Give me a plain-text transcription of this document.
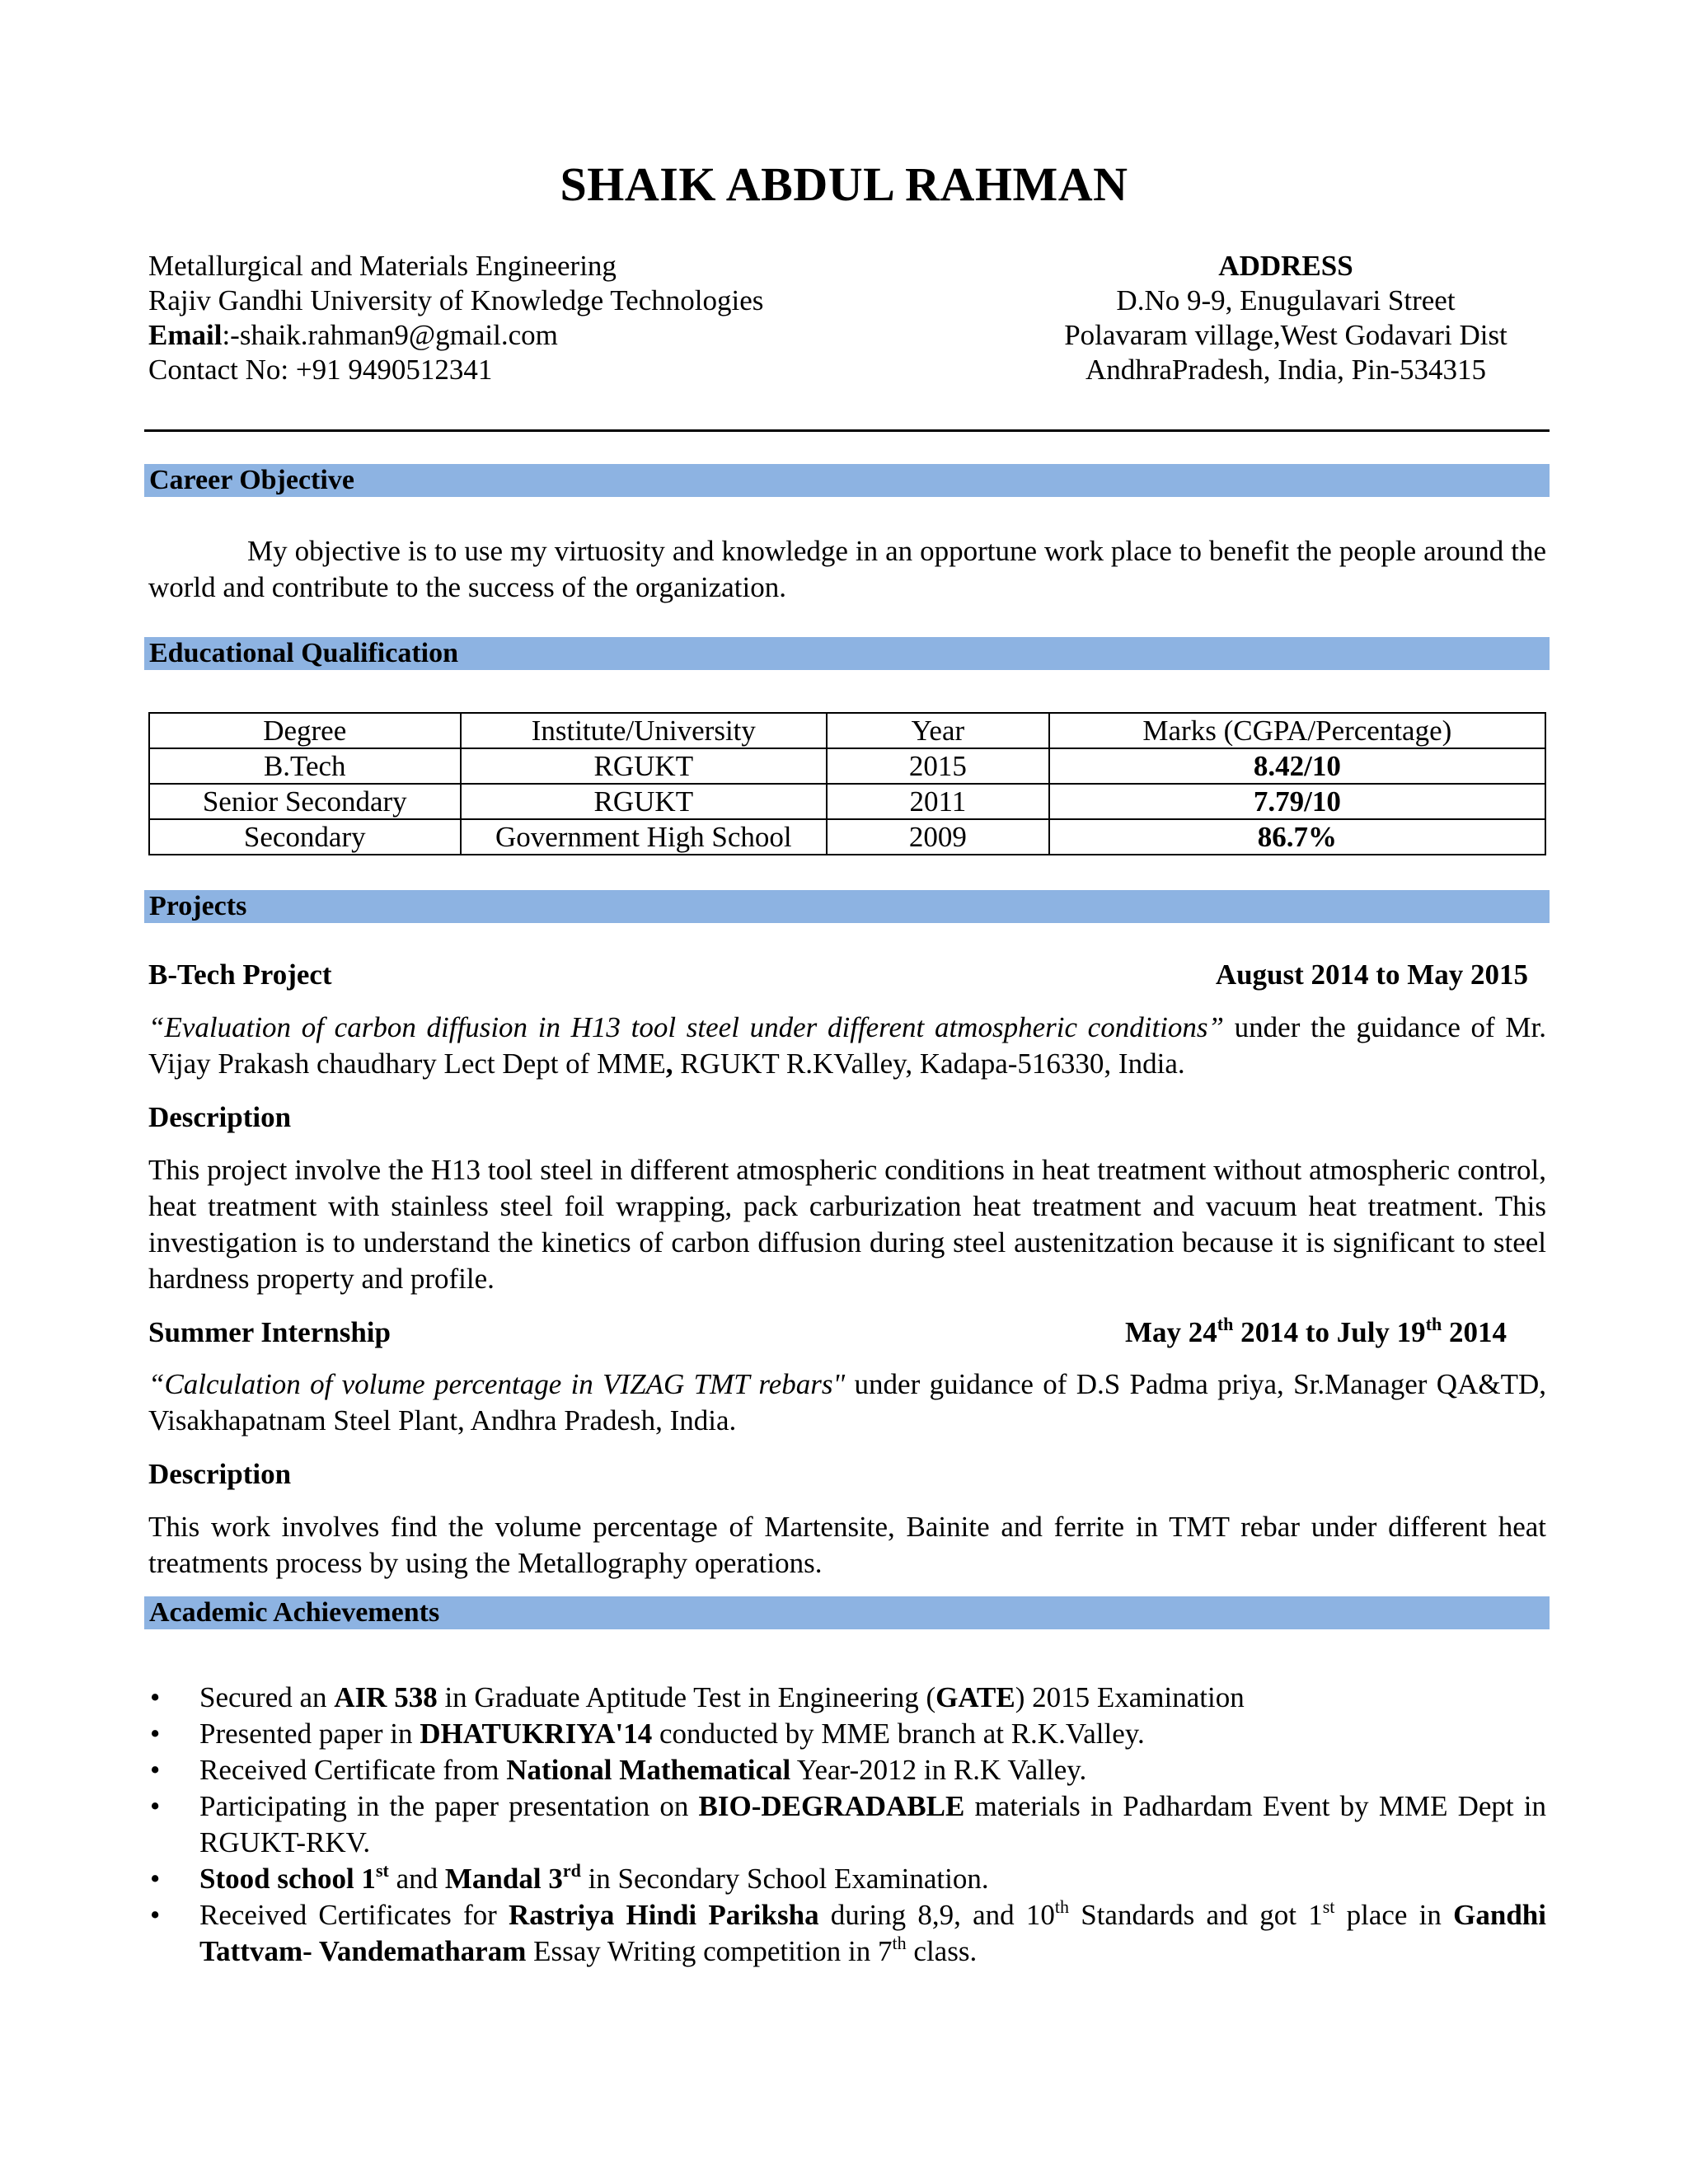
SHAIK ABDUL RAHMAN
Metallurgical and Materials Engineering
Rajiv Gandhi University of Knowledge Technologies
Email:-shaik.rahman9@gmail.com
Contact No: +91 9490512341
ADDRESS
D.No 9-9, Enugulavari Street
Polavaram village,West Godavari Dist
AndhraPradesh, India, Pin-534315
Career Objective
My objective is to use my virtuosity and knowledge in an opportune work place to benefit the people around the world and contribute to the success of the organization.
Educational Qualification
Degree	Institute/University	Year	Marks (CGPA/Percentage)
B.Tech	RGUKT	2015	8.42/10
Senior Secondary	RGUKT	2011	7.79/10
Secondary	Government High School	2009	86.7%
Projects
B-Tech Project	August 2014 to May 2015
“Evaluation of carbon diffusion in H13 tool steel under different atmospheric conditions” under the guidance of Mr. Vijay Prakash chaudhary Lect Dept of MME, RGUKT R.KValley, Kadapa-516330, India.
Description
This project involve the H13 tool steel in different atmospheric conditions in heat treatment without atmospheric control, heat treatment with stainless steel foil wrapping, pack carburization heat treatment and vacuum heat treatment. This investigation is to understand the kinetics of carbon diffusion during steel austenitzation because it is significant to steel hardness property and profile.
Summer Internship	May 24th 2014 to July 19th 2014
“Calculation of volume percentage in VIZAG TMT rebars" under guidance of D.S Padma priya, Sr.Manager QA&TD, Visakhapatnam Steel Plant, Andhra Pradesh, India.
Description
This work involves find the volume percentage of Martensite, Bainite and ferrite in TMT rebar under different heat treatments process by using the Metallography operations.
Academic Achievements
• Secured an AIR 538 in Graduate Aptitude Test in Engineering (GATE) 2015 Examination
• Presented paper in DHATUKRIYA'14 conducted by MME branch at R.K.Valley.
• Received Certificate from National Mathematical Year-2012 in R.K Valley.
• Participating in the paper presentation on BIO-DEGRADABLE materials in Padhardam Event by MME Dept in RGUKT-RKV.
• Stood school 1st and Mandal 3rd in Secondary School Examination.
• Received Certificates for Rastriya Hindi Pariksha during 8,9, and 10th Standards and got 1st place in Gandhi Tattvam- Vandematharam Essay Writing competition in 7th class.
